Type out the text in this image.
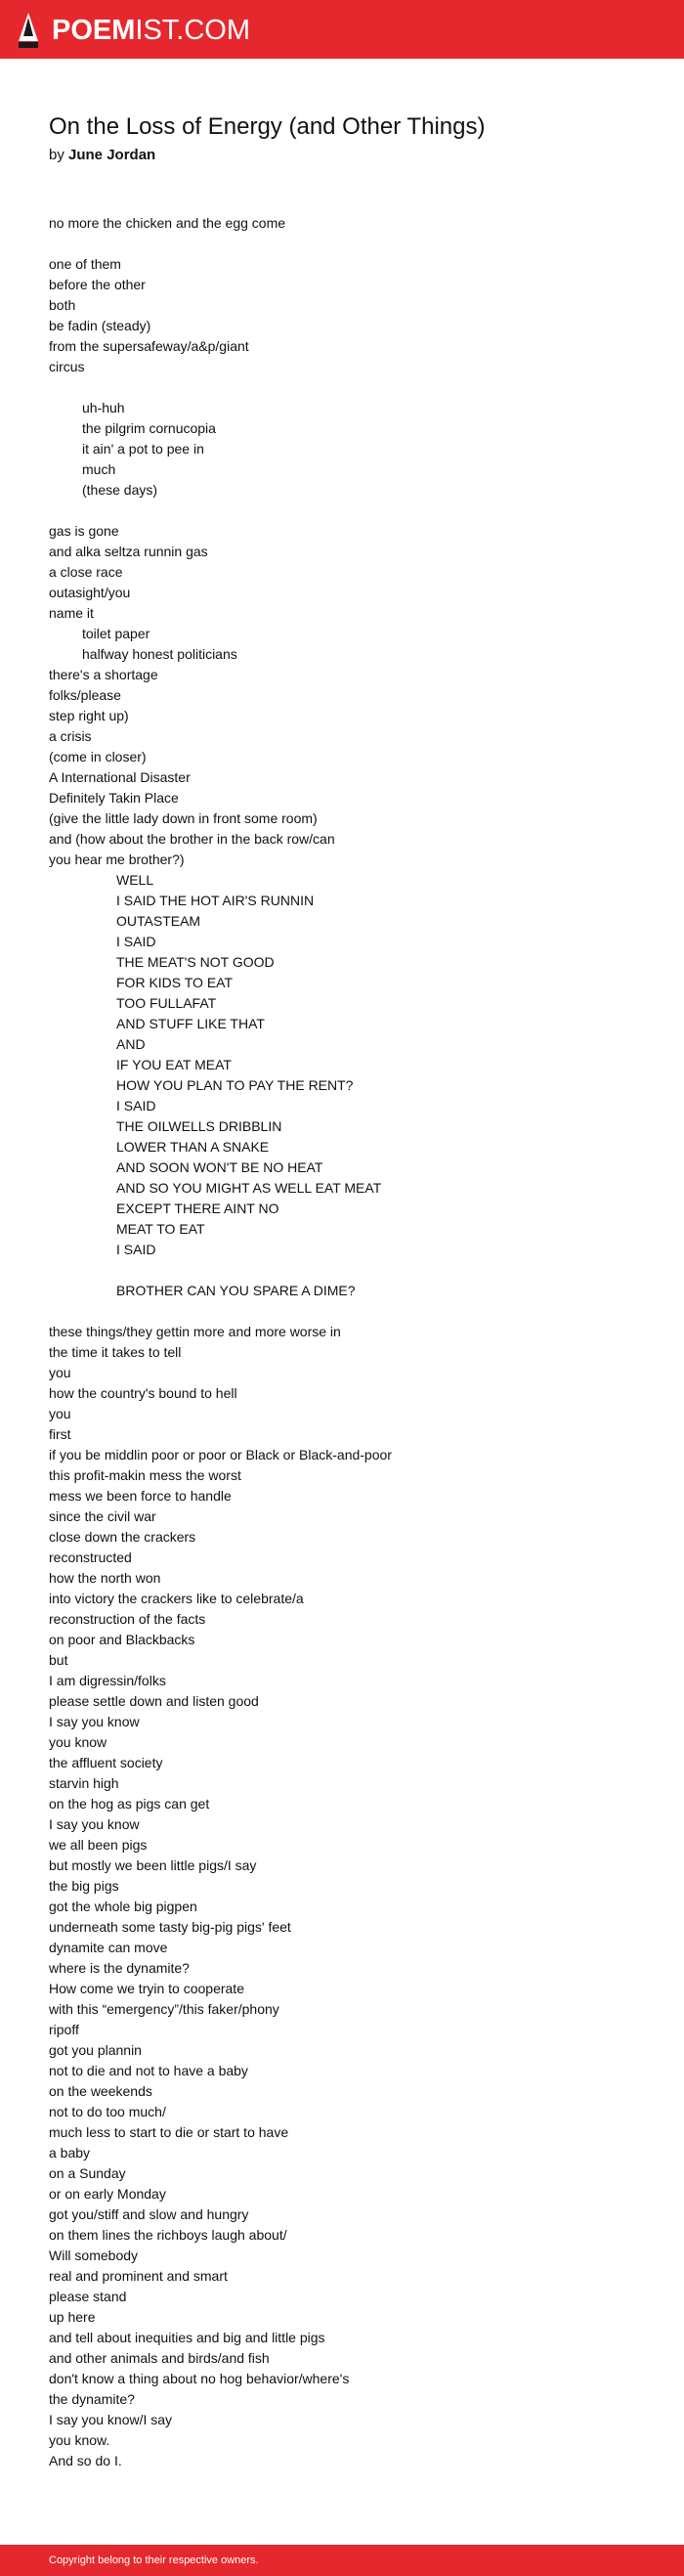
POEMIST.COM
On the Loss of Energy (and Other Things)
by June Jordan
no more the chicken and the egg come
one of them
before the other
both
be fadin (steady)
from the supersafeway/a&p/giant
circus
uh-huh
the pilgrim cornucopia
it ain' a pot to pee in
much
(these days)
gas is gone
and alka seltza runnin gas
a close race
outasight/you
name it
toilet paper
halfway honest politicians
there's a shortage
folks/please
step right up)
a crisis
(come in closer)
A International Disaster
Definitely Takin Place
(give the little lady down in front some room)
and (how about the brother in the back row/can
you hear me brother?)
WELL
I SAID THE HOT AIR'S RUNNIN
OUTASTEAM
I SAID
THE MEAT'S NOT GOOD
FOR KIDS TO EAT
TOO FULLAFAT
AND STUFF LIKE THAT
AND
IF YOU EAT MEAT
HOW YOU PLAN TO PAY THE RENT?
I SAID
THE OILWELLS DRIBBLIN
LOWER THAN A SNAKE
AND SOON WON'T BE NO HEAT
AND SO YOU MIGHT AS WELL EAT MEAT
EXCEPT THERE AINT NO
MEAT TO EAT
I SAID
BROTHER CAN YOU SPARE A DIME?
these things/they gettin more and more worse in
the time it takes to tell
you
how the country's bound to hell
you
first
if you be middlin poor or poor or Black or Black-and-poor
this profit-makin mess the worst
mess we been force to handle
since the civil war
close down the crackers
reconstructed
how the north won
into victory the crackers like to celebrate/a
reconstruction of the facts
on poor and Blackbacks
but
I am digressin/folks
please settle down and listen good
I say you know
you know
the affluent society
starvin high
on the hog as pigs can get
I say you know
we all been pigs
but mostly we been little pigs/I say
the big pigs
got the whole big pigpen
underneath some tasty big-pig pigs' feet
dynamite can move
where is the dynamite?
How come we tryin to cooperate
with this “emergency”/this faker/phony
ripoff
got you plannin
not to die and not to have a baby
on the weekends
not to do too much/
much less to start to die or start to have
a baby
on a Sunday
or on early Monday
got you/stiff and slow and hungry
on them lines the richboys laugh about/
Will somebody
real and prominent and smart
please stand
up here
and tell about inequities and big and little pigs
and other animals and birds/and fish
don't know a thing about no hog behavior/where's
the dynamite?
I say you know/I say
you know.
And so do I.
Copyright belong to their respective owners.
